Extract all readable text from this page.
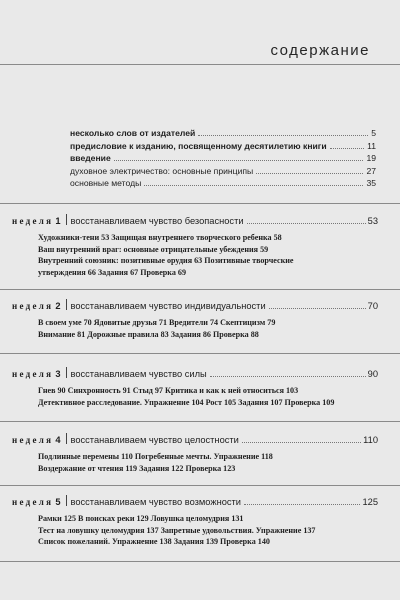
содержание
несколько слов от издателей	5
предисловие к изданию, посвященному десятилетию книги	11
введение	19
духовное электричество: основные принципы	27
основные методы	35
неделя 1 восстанавливаем чувство безопасности	53
Художники-тени 53 Защищая внутреннего творческого ребенка 58
Ваш внутренний враг: основные отрицательные убеждения 59
Внутренний союзник: позитивные орудия 63 Позитивные творческие
утверждения 66 Задания 67 Проверка 69
неделя 2 восстанавливаем чувство индивидуальности	70
В своем уме 70 Ядовитые друзья 71 Вредители 74 Скептицизм 79
Внимание 81 Дорожные правила 83 Задания 86 Проверка 88
неделя 3 восстанавливаем чувство силы	90
Гнев 90 Синхронность 91 Стыд 97 Критика и как к ней относиться 103
Детективное расследование. Упражнение 104 Рост 105 Задания 107 Проверка 109
неделя 4 восстанавливаем чувство целостности	110
Подлинные перемены 110 Погребенные мечты. Упражнение 118
Воздержание от чтения 119 Задания 122 Проверка 123
неделя 5 восстанавливаем чувство возможности	125
Рамки 125 В поисках реки 129 Ловушка целомудрия 131
Тест на ловушку целомудрия 137 Запретные удовольствия. Упражнение 137
Список пожеланий. Упражнение 138 Задания 139 Проверка 140
